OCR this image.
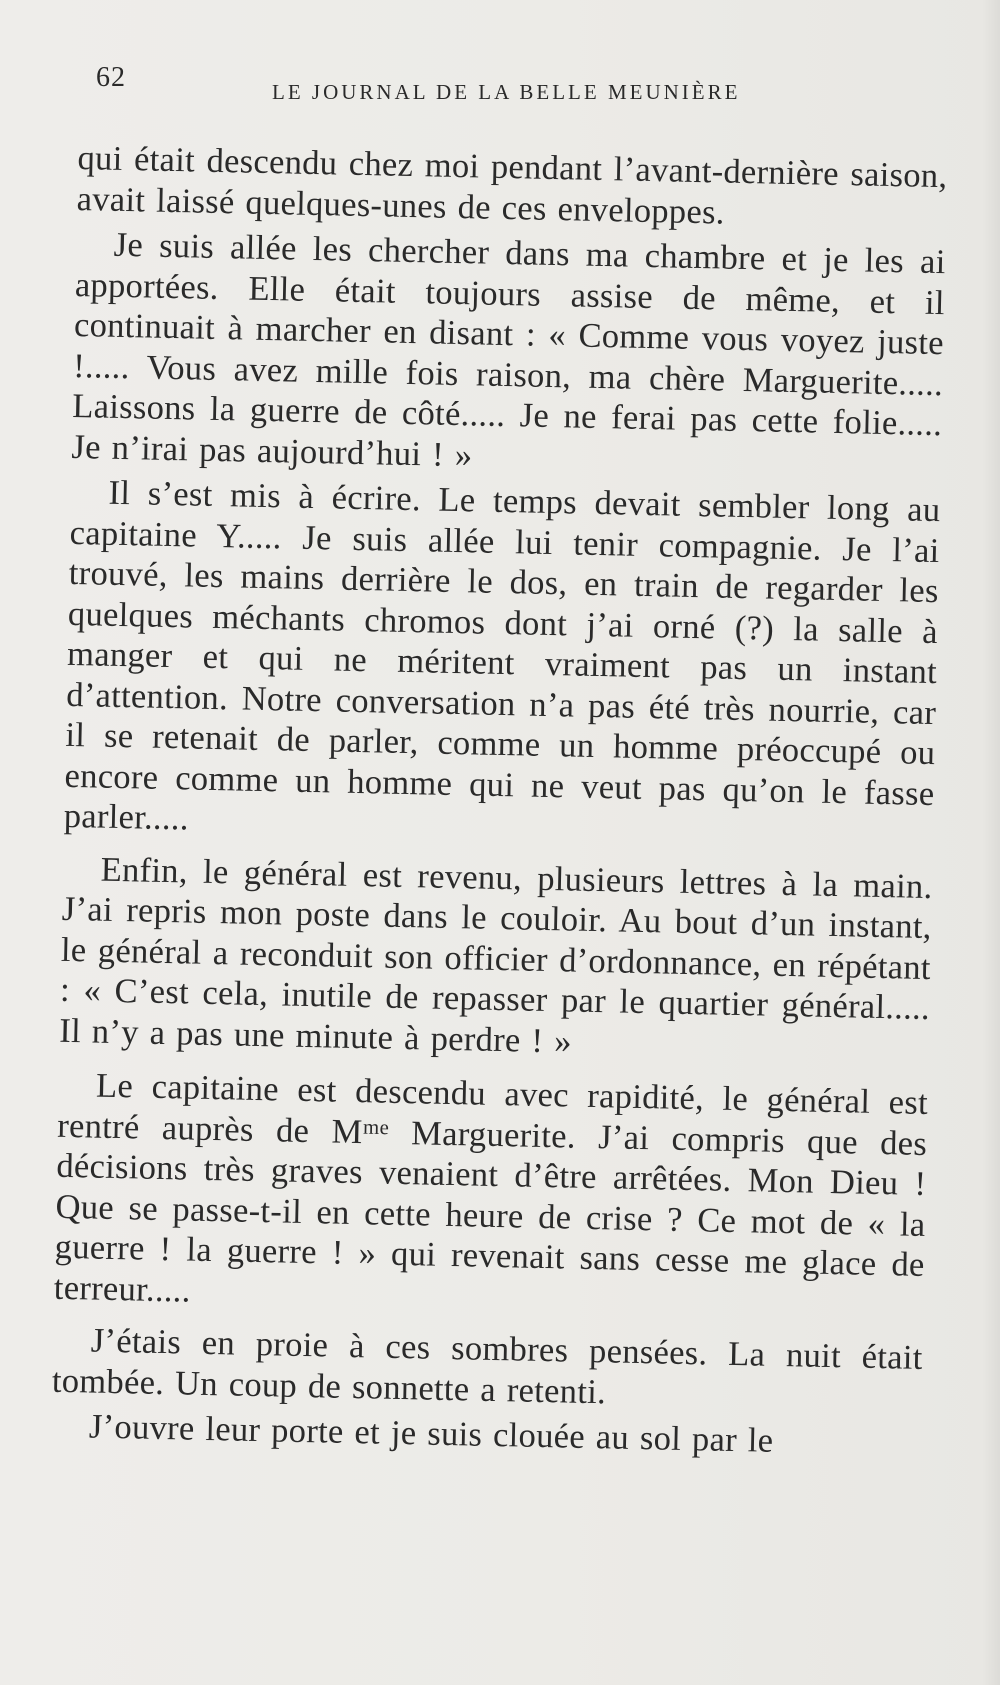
62	LE JOURNAL DE LA BELLE MEUNIÈRE

qui était descendu chez moi pendant l’avant-dernière saison, avait laissé quelques-unes de ces enveloppes.

Je suis allée les chercher dans ma chambre et je les ai apportées. Elle était toujours assise de même, et il continuait à marcher en disant : « Comme vous voyez juste !..... Vous avez mille fois raison, ma chère Marguerite..... Laissons la guerre de côté..... Je ne ferai pas cette folie..... Je n’irai pas aujourd’hui ! »

Il s’est mis à écrire. Le temps devait sembler long au capitaine Y..... Je suis allée lui tenir compagnie. Je l’ai trouvé, les mains derrière le dos, en train de regarder les quelques méchants chromos dont j’ai orné (?) la salle à manger et qui ne méritent vraiment pas un instant d’attention. Notre conversation n’a pas été très nourrie, car il se retenait de parler, comme un homme préoccupé ou encore comme un homme qui ne veut pas qu’on le fasse parler.....

Enfin, le général est revenu, plusieurs lettres à la main. J’ai repris mon poste dans le couloir. Au bout d’un instant, le général a reconduit son officier d’ordonnance, en répétant : « C’est cela, inutile de repasser par le quartier général..... Il n’y a pas une minute à perdre ! »

Le capitaine est descendu avec rapidité, le général est rentré auprès de Mᵐᵉ Marguerite. J’ai compris que des décisions très graves venaient d’être arrêtées. Mon Dieu ! Que se passe-t-il en cette heure de crise ? Ce mot de « la guerre ! la guerre ! » qui revenait sans cesse me glace de terreur.....

J’étais en proie à ces sombres pensées. La nuit était tombée. Un coup de sonnette a retenti.

J’ouvre leur porte et je suis clouée au sol par le
